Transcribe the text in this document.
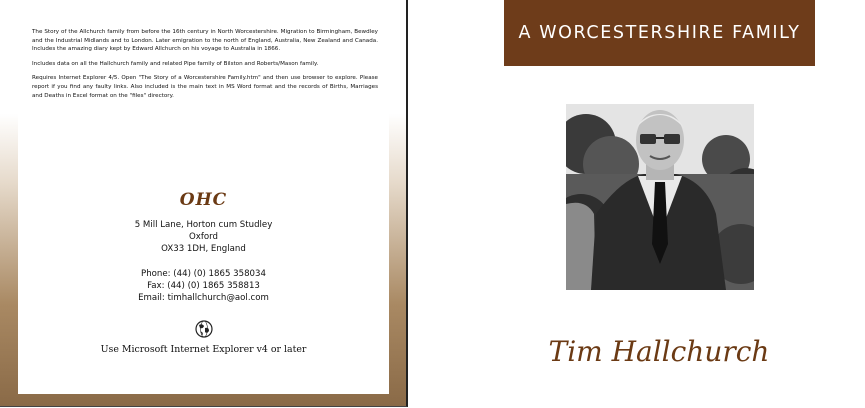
The Story of the Allchurch family from before the 16th century in North Worcestershire. Migration to Birmingham, Bewdley and the Industrial Midlands and to London. Later emigration to the north of England, Australia, New Zealand and Canada. Includes the amazing diary kept by Edward Allchurch on his voyage to Australia in 1866.

Includes data on all the Hallchurch family and related Pipe family of Bilston and Roberts/Mason family.

Requires Internet Explorer 4/5. Open "The Story of a Worcestershire Family.htm" and then use browser to explore. Please report if you find any faulty links. Also included is the main text in MS Word format and the records of Births, Marriages and Deaths in Excel format on the "files" directory.

OHC
5 Mill Lane, Horton cum Studley
Oxford
OX33 1DH, England
Phone: (44) (0) 1865 358034
Fax: (44) (0) 1865 358813
Email: timhallchurch@aol.com
Use Microsoft Internet Explorer v4 or later
A WORCESTERSHIRE FAMILY
Tim Hallchurch
